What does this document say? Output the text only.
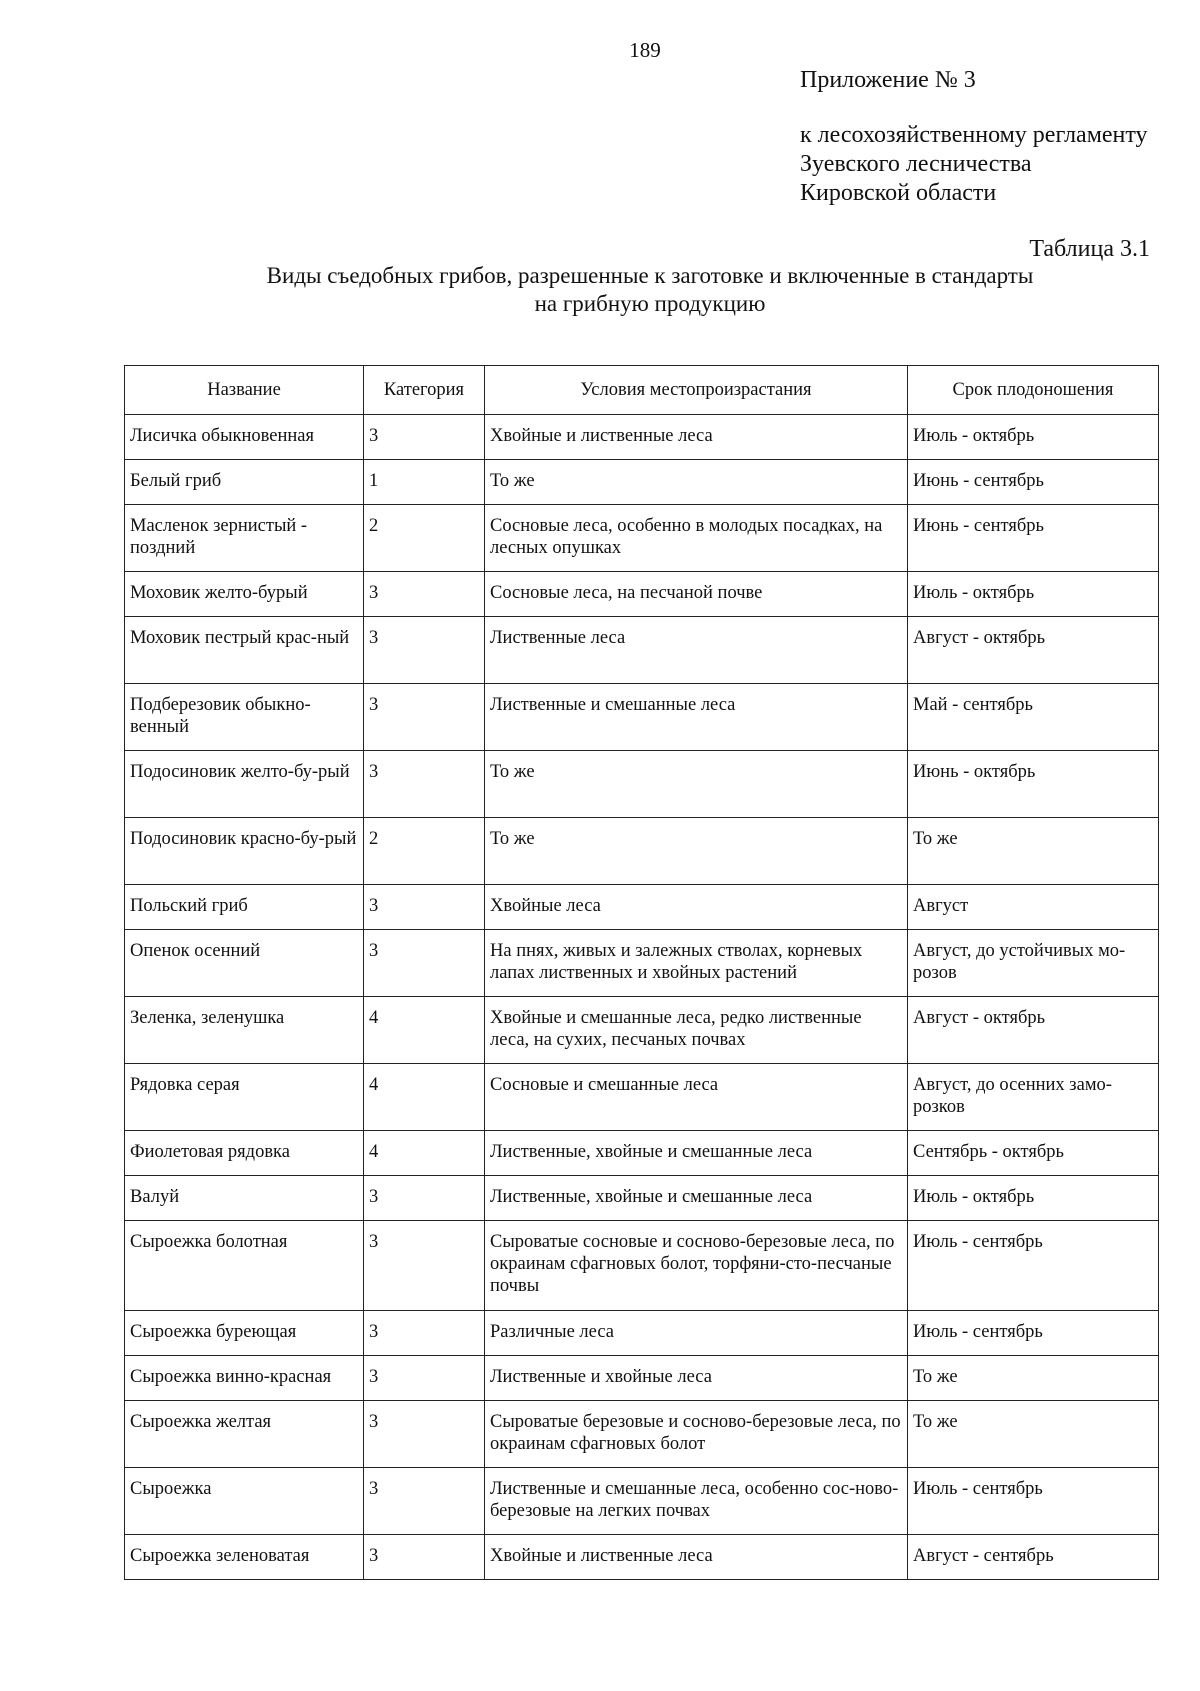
189
Приложение № 3
к лесохозяйственному регламенту
Зуевского лесничества
Кировской области
Таблица 3.1
Виды съедобных грибов, разрешенные к заготовке и включенные в стандарты
на грибную продукцию
Название	Категория	Условия местопроизрастания	Срок плодоношения
Лисичка обыкновенная	3	Хвойные и лиственные леса	Июль - октябрь
Белый гриб	1	То же	Июнь - сентябрь
Масленок зернистый - поздний	2	Сосновые леса, особенно в молодых посадках, на лесных опушках	Июнь - сентябрь
Моховик желто-бурый	3	Сосновые леса, на песчаной почве	Июль - октябрь
Моховик пестрый крас-ный	3	Лиственные леса	Август - октябрь
Подберезовик обыкно-венный	3	Лиственные и смешанные леса	Май - сентябрь
Подосиновик желто-бу-рый	3	То же	Июнь - октябрь
Подосиновик красно-бу-рый	2	То же	То же
Польский гриб	3	Хвойные леса	Август
Опенок осенний	3	На пнях, живых и залежных стволах, корневых лапах лиственных и хвойных растений	Август, до устойчивых мо-розов
Зеленка, зеленушка	4	Хвойные и смешанные леса, редко лиственные леса, на сухих, песчаных почвах	Август - октябрь
Рядовка серая	4	Сосновые и смешанные леса	Август, до осенних замо-розков
Фиолетовая рядовка	4	Лиственные, хвойные и смешанные леса	Сентябрь - октябрь
Валуй	3	Лиственные, хвойные и смешанные леса	Июль - октябрь
Сыроежка болотная	3	Сыроватые сосновые и сосново-березовые леса, по окраинам сфагновых болот, торфяни-сто-песчаные почвы	Июль - сентябрь
Сыроежка буреющая	3	Различные леса	Июль - сентябрь
Сыроежка винно-красная	3	Лиственные и хвойные леса	То же
Сыроежка желтая	3	Сыроватые березовые и сосново-березовые леса, по окраинам сфагновых болот	То же
Сыроежка	3	Лиственные и смешанные леса, особенно сос-ново-березовые на легких почвах	Июль - сентябрь
Сыроежка зеленоватая	3	Хвойные и лиственные леса	Август - сентябрь
